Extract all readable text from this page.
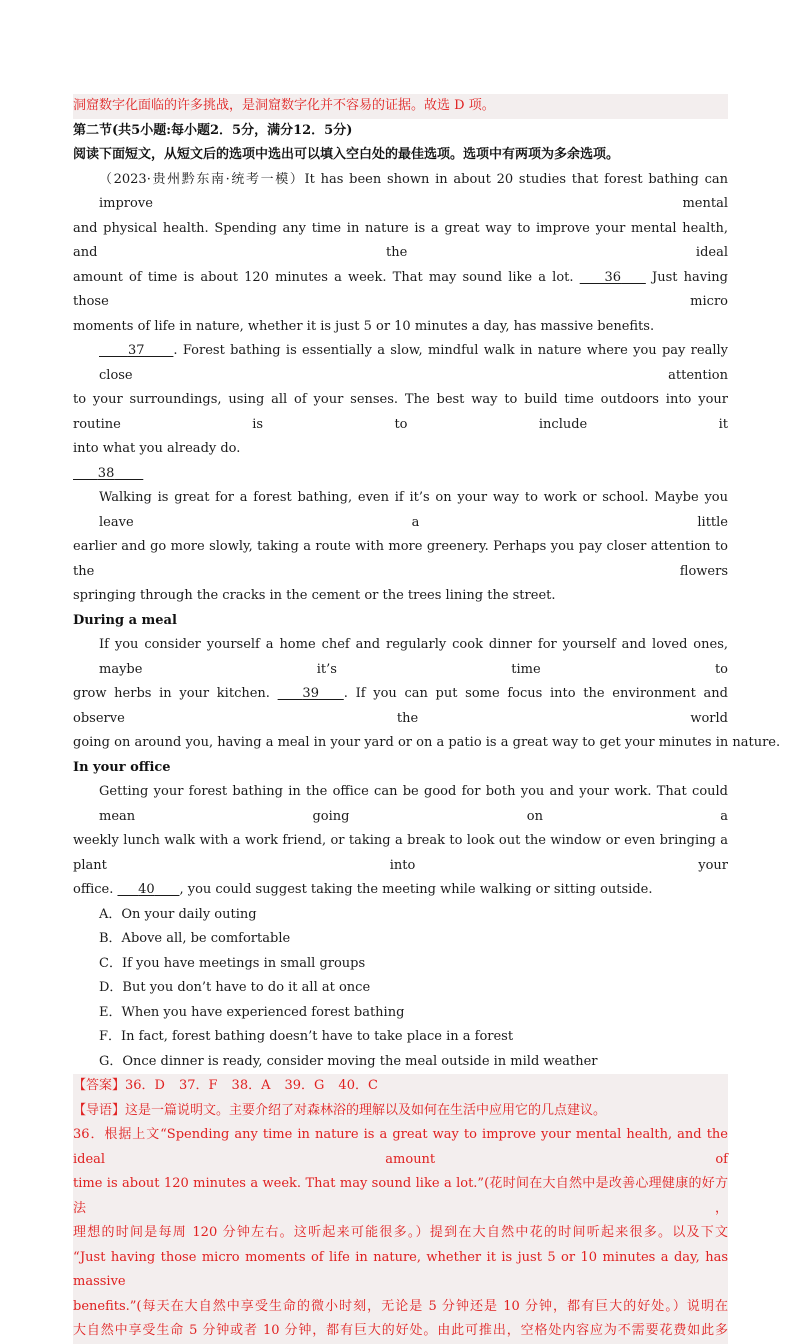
洞窟数字化面临的许多挑战，是洞窟数字化并不容易的证据。故选 D 项。
第二节(共5小题:每小题2．5分，满分12．5分)
阅读下面短文，从短文后的选项中选出可以填入空白处的最佳选项。选项中有两项为多余选项。
（2023·贵州黔东南·统考一模）It has been shown in about 20 studies that forest bathing can improve mental
and physical health. Spending any time in nature is a great way to improve your mental health, and the ideal
amount of time is about 120 minutes a week. That may sound like a lot. 36 Just having those micro
moments of life in nature, whether it is just 5 or 10 minutes a day, has massive benefits.
37 . Forest bathing is essentially a slow, mindful walk in nature where you pay really close attention
to your surroundings, using all of your senses. The best way to build time outdoors into your routine is to include it
into what you already do.
38
Walking is great for a forest bathing, even if it’s on your way to work or school. Maybe you leave a little
earlier and go more slowly, taking a route with more greenery. Perhaps you pay closer attention to the flowers
springing through the cracks in the cement or the trees lining the street.
During a meal
If you consider yourself a home chef and regularly cook dinner for yourself and loved ones, maybe it’s time to
grow herbs in your kitchen.	39 . If you can put some focus into the environment and observe the world
going on around you, having a meal in your yard or on a patio is a great way to get your minutes in nature.
In your office
Getting your forest bathing in the office can be good for both you and your work. That could mean going on a
weekly lunch walk with a work friend, or taking a break to look out the window or even bringing a plant into your
office. 40 , you could suggest taking the meeting while walking or sitting outside.
A．On your daily outing
B．Above all, be comfortable
C．If you have meetings in small groups
D．But you don’t have to do it all at once
E．When you have experienced forest bathing
F．In fact, forest bathing doesn’t have to take place in a forest
G．Once dinner is ready, consider moving the meal outside in mild weather
【答案】36．D 37．F 38．A 39．G 40．C
【导语】这是一篇说明文。主要介绍了对森林浴的理解以及如何在生活中应用它的几点建议。
36．根据上文“Spending any time in nature is a great way to improve your mental health, and the ideal amount of
time is about 120 minutes a week. That may sound like a lot.”(花时间在大自然中是改善心理健康的好方法，
理想的时间是每周 120 分钟左右。这听起来可能很多。）提到在大自然中花的时间听起来很多。以及下文
“Just having those micro moments of life in nature, whether it is just 5 or 10 minutes a day, has massive
benefits.”(每天在大自然中享受生命的微小时刻，无论是 5 分钟还是 10 分钟，都有巨大的好处。）说明在
大自然中享受生命 5 分钟或者 10 分钟，都有巨大的好处。由此可推出，空格处内容应为不需要花费如此多
